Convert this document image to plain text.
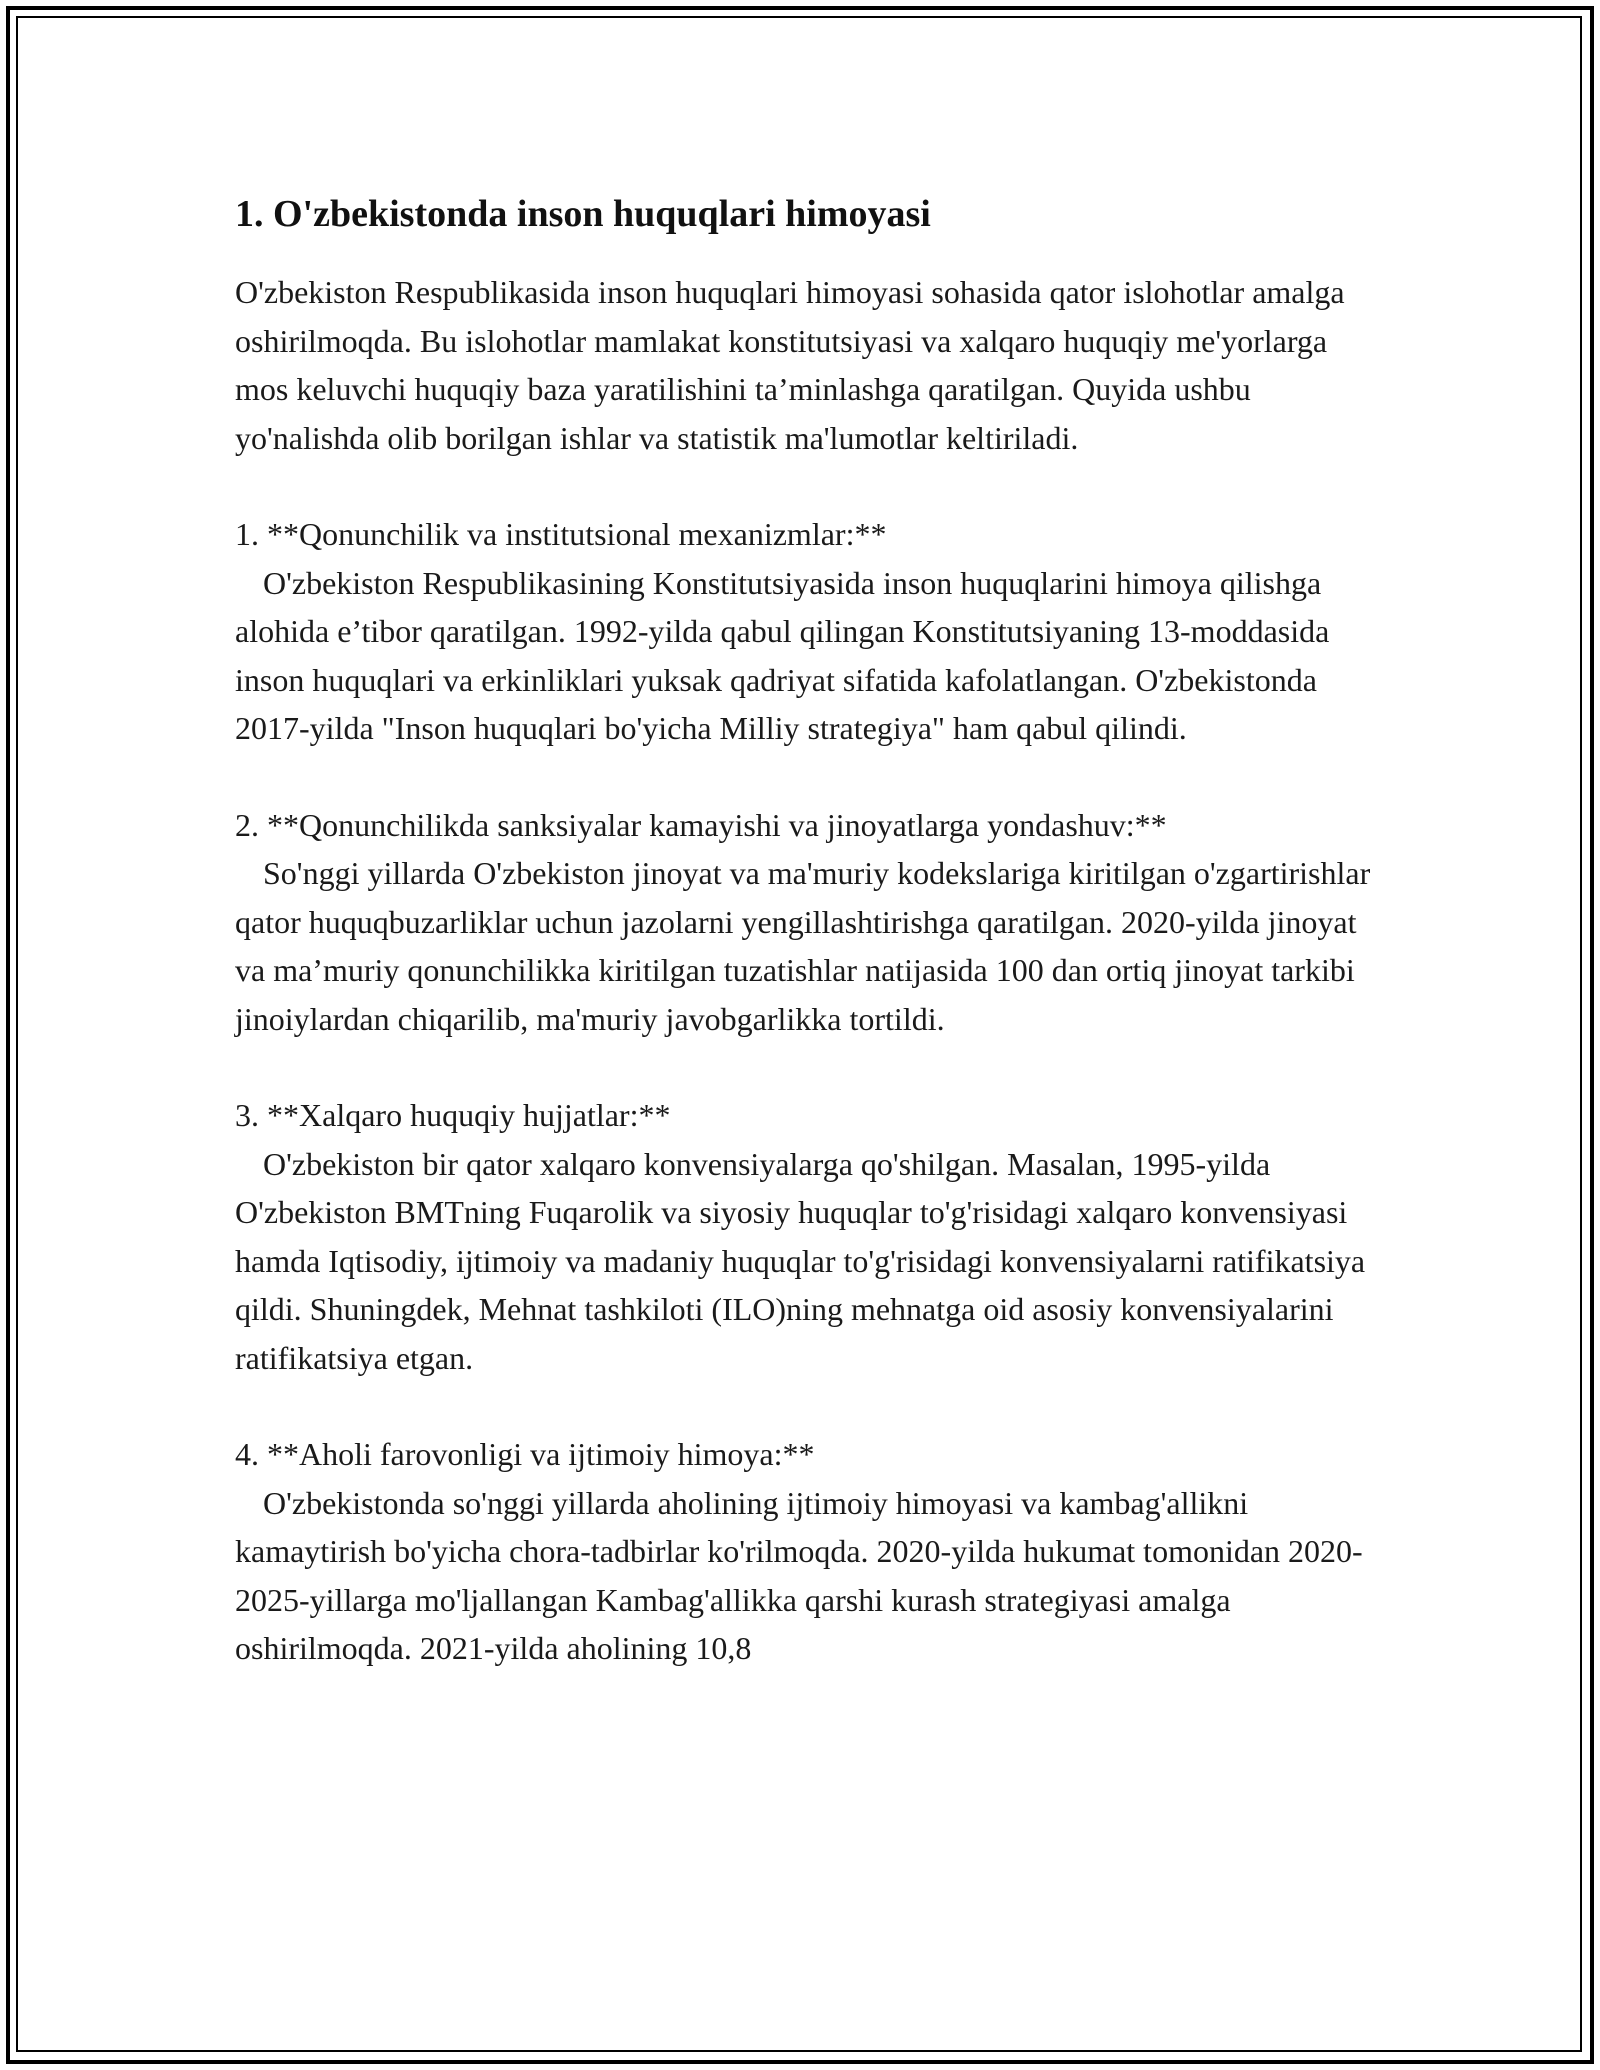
1. O'zbekistonda inson huquqlari himoyasi

O'zbekiston Respublikasida inson huquqlari himoyasi sohasida qator islohotlar amalga oshirilmoqda. Bu islohotlar mamlakat konstitutsiyasi va xalqaro huquqiy me'yorlarga mos keluvchi huquqiy baza yaratilishini ta’minlashga qaratilgan. Quyida ushbu yo'nalishda olib borilgan ishlar va statistik ma'lumotlar keltiriladi.

1. **Qonunchilik va institutsional mexanizmlar:**

O'zbekiston Respublikasining Konstitutsiyasida inson huquqlarini himoya qilishga alohida e’tibor qaratilgan. 1992-yilda qabul qilingan Konstitutsiyaning 13-moddasida inson huquqlari va erkinliklari yuksak qadriyat sifatida kafolatlangan. O'zbekistonda 2017-yilda "Inson huquqlari bo'yicha Milliy strategiya" ham qabul qilindi.

2. **Qonunchilikda sanksiyalar kamayishi va jinoyatlarga yondashuv:**

So'nggi yillarda O'zbekiston jinoyat va ma'muriy kodekslariga kiritilgan o'zgartirishlar qator huquqbuzarliklar uchun jazolarni yengillashtirishga qaratilgan. 2020-yilda jinoyat va ma’muriy qonunchilikka kiritilgan tuzatishlar natijasida 100 dan ortiq jinoyat tarkibi jinoiylardan chiqarilib, ma'muriy javobgarlikka tortildi.

3. **Xalqaro huquqiy hujjatlar:**

O'zbekiston bir qator xalqaro konvensiyalarga qo'shilgan. Masalan, 1995-yilda O'zbekiston BMTning Fuqarolik va siyosiy huquqlar to'g'risidagi xalqaro konvensiyasi hamda Iqtisodiy, ijtimoiy va madaniy huquqlar to'g'risidagi konvensiyalarni ratifikatsiya qildi. Shuningdek, Mehnat tashkiloti (ILO)ning mehnatga oid asosiy konvensiyalarini ratifikatsiya etgan.

4. **Aholi farovonligi va ijtimoiy himoya:**

O'zbekistonda so'nggi yillarda aholining ijtimoiy himoyasi va kambag'allikni kamaytirish bo'yicha chora-tadbirlar ko'rilmoqda. 2020-yilda hukumat tomonidan 2020-2025-yillarga mo'ljallangan Kambag'allikka qarshi kurash strategiyasi amalga oshirilmoqda. 2021-yilda aholining 10,8
